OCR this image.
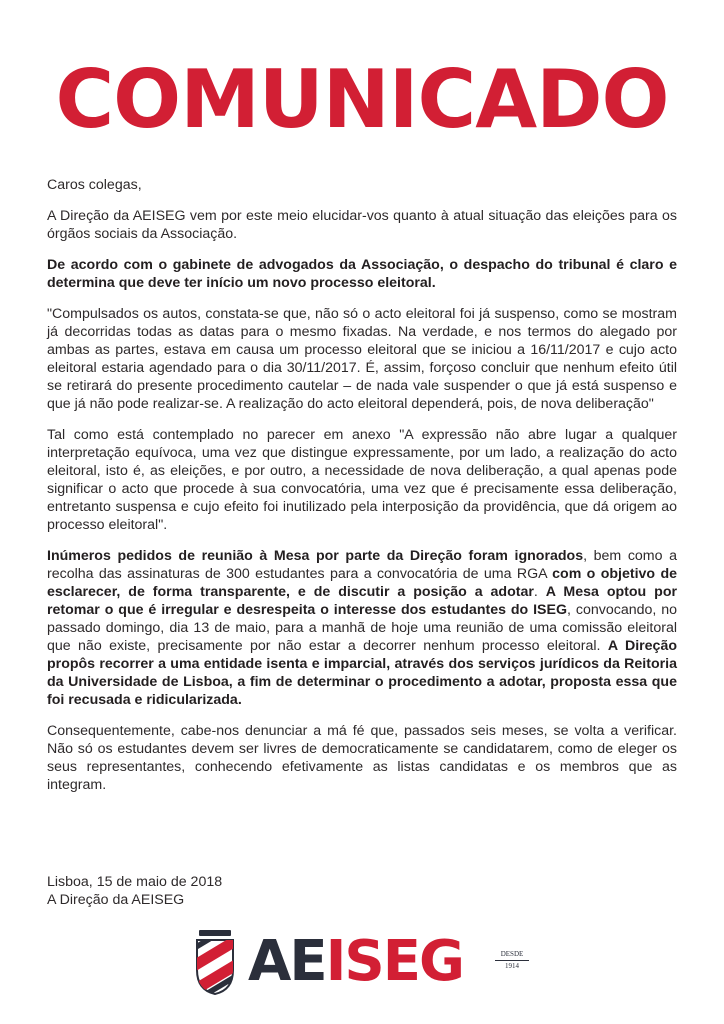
COMUNICADO

Caros colegas,

A Direção da AEISEG vem por este meio elucidar-vos quanto à atual situação das eleições para os órgãos sociais da Associação.

De acordo com o gabinete de advogados da Associação, o despacho do tribunal é claro e determina que deve ter início um novo processo eleitoral.

"Compulsados os autos, constata-se que, não só o acto eleitoral foi já suspenso, como se mostram já decorridas todas as datas para o mesmo fixadas. Na verdade, e nos termos do alegado por ambas as partes, estava em causa um processo eleitoral que se iniciou a 16/11/2017 e cujo acto eleitoral estaria agendado para o dia 30/11/2017. É, assim, forçoso concluir que nenhum efeito útil se retirará do presente procedimento cautelar – de nada vale suspender o que já está suspenso e que já não pode realizar-se. A realização do acto eleitoral dependerá, pois, de nova deliberação"

Tal como está contemplado no parecer em anexo "A expressão não abre lugar a qualquer interpretação equívoca, uma vez que distingue expressamente, por um lado, a realização do acto eleitoral, isto é, as eleições, e por outro, a necessidade de nova deliberação, a qual apenas pode significar o acto que procede à sua convocatória, uma vez que é precisamente essa deliberação, entretanto suspensa e cujo efeito foi inutilizado pela interposição da providência, que dá origem ao processo eleitoral".

Inúmeros pedidos de reunião à Mesa por parte da Direção foram ignorados, bem como a recolha das assinaturas de 300 estudantes para a convocatória de uma RGA com o objetivo de esclarecer, de forma transparente, e de discutir a posição a adotar. A Mesa optou por retomar o que é irregular e desrespeita o interesse dos estudantes do ISEG, convocando, no passado domingo, dia 13 de maio, para a manhã de hoje uma reunião de uma comissão eleitoral que não existe, precisamente por não estar a decorrer nenhum processo eleitoral. A Direção propôs recorrer a uma entidade isenta e imparcial, através dos serviços jurídicos da Reitoria da Universidade de Lisboa, a fim de determinar o procedimento a adotar, proposta essa que foi recusada e ridicularizada.

Consequentemente, cabe-nos denunciar a má fé que, passados seis meses, se volta a verificar. Não só os estudantes devem ser livres de democraticamente se candidatarem, como de eleger os seus representantes, conhecendo efetivamente as listas candidatas e os membros que as integram.

Lisboa, 15 de maio de 2018
A Direção da AEISEG
AEISEG	DESDE
1914
